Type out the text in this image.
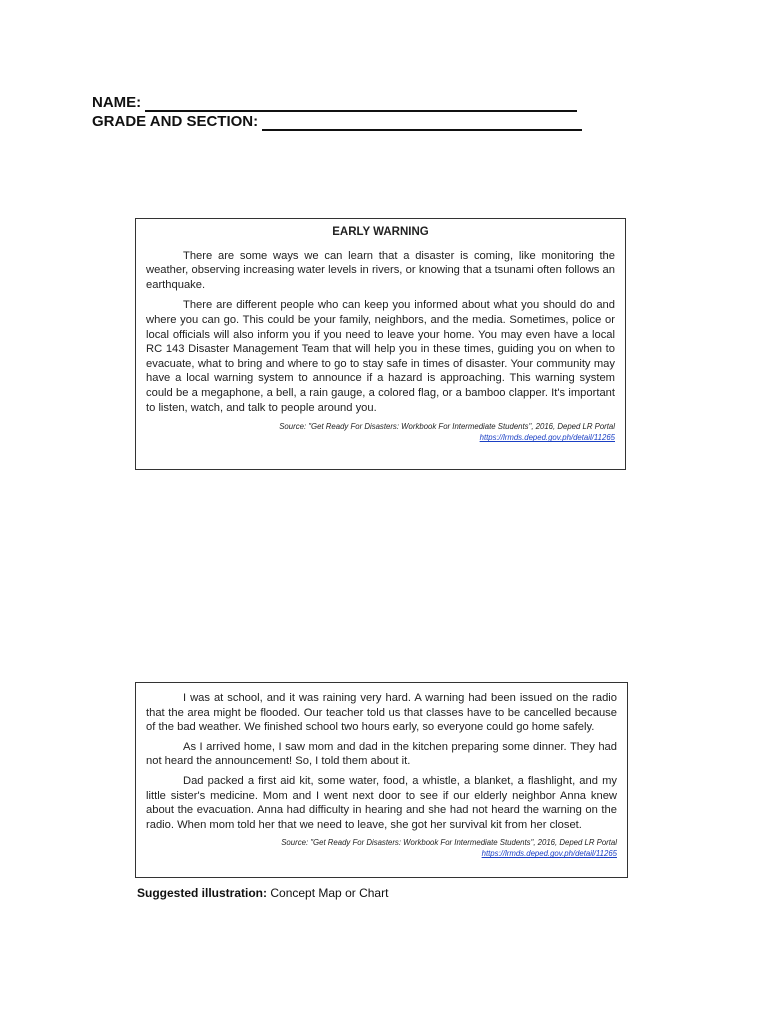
NAME:
GRADE AND SECTION:
EARLY WARNING

There are some ways we can learn that a disaster is coming, like monitoring the weather, observing increasing water levels in rivers, or knowing that a tsunami often follows an earthquake.

There are different people who can keep you informed about what you should do and where you can go. This could be your family, neighbors, and the media. Sometimes, police or local officials will also inform you if you need to leave your home. You may even have a local RC 143 Disaster Management Team that will help you in these times, guiding you on when to evacuate, what to bring and where to go to stay safe in times of disaster. Your community may have a local warning system to announce if a hazard is approaching. This warning system could be a megaphone, a bell, a rain gauge, a colored flag, or a bamboo clapper. It's important to listen, watch, and talk to people around you.

Source: "Get Ready For Disasters: Workbook For Intermediate Students", 2016, Deped LR Portal
https://lrmds.deped.gov.ph/detail/11265

I was at school, and it was raining very hard. A warning had been issued on the radio that the area might be flooded. Our teacher told us that classes have to be cancelled because of the bad weather. We finished school two hours early, so everyone could go home safely.

As I arrived home, I saw mom and dad in the kitchen preparing some dinner. They had not heard the announcement! So, I told them about it.

Dad packed a first aid kit, some water, food, a whistle, a blanket, a flashlight, and my little sister's medicine. Mom and I went next door to see if our elderly neighbor Anna knew about the evacuation. Anna had difficulty in hearing and she had not heard the warning on the radio. When mom told her that we need to leave, she got her survival kit from her closet.

Source: "Get Ready For Disasters: Workbook For Intermediate Students", 2016, Deped LR Portal
https://lrmds.deped.gov.ph/detail/11265
Suggested illustration: Concept Map or Chart
